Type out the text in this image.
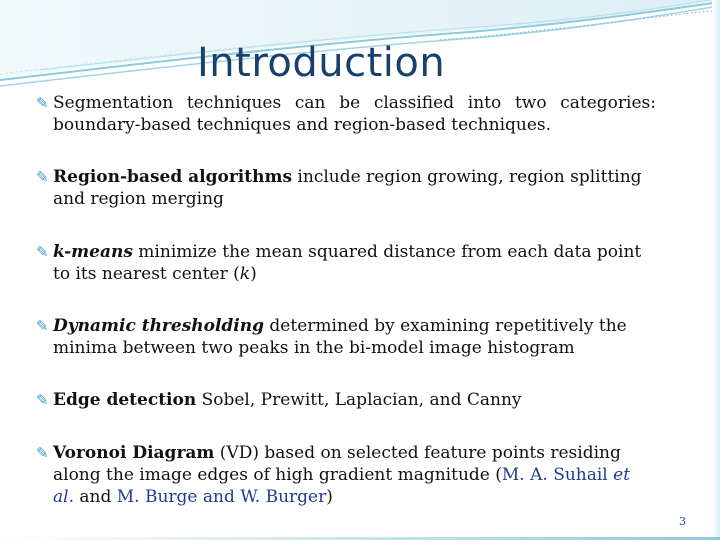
Introduction
✎ Segmentation techniques can be classified into two categories: boundary-based techniques and region-based techniques.
✎ Region-based algorithms include region growing, region splitting and region merging
✎ k-means minimize the mean squared distance from each data point to its nearest center (k)
✎ Dynamic thresholding determined by examining repetitively the minima between two peaks in the bi-model image histogram
✎ Edge detection Sobel, Prewitt, Laplacian, and Canny
✎ Voronoi Diagram (VD) based on selected feature points residing along the image edges of high gradient magnitude (M. A. Suhail et al. and M. Burge and W. Burger)
3
